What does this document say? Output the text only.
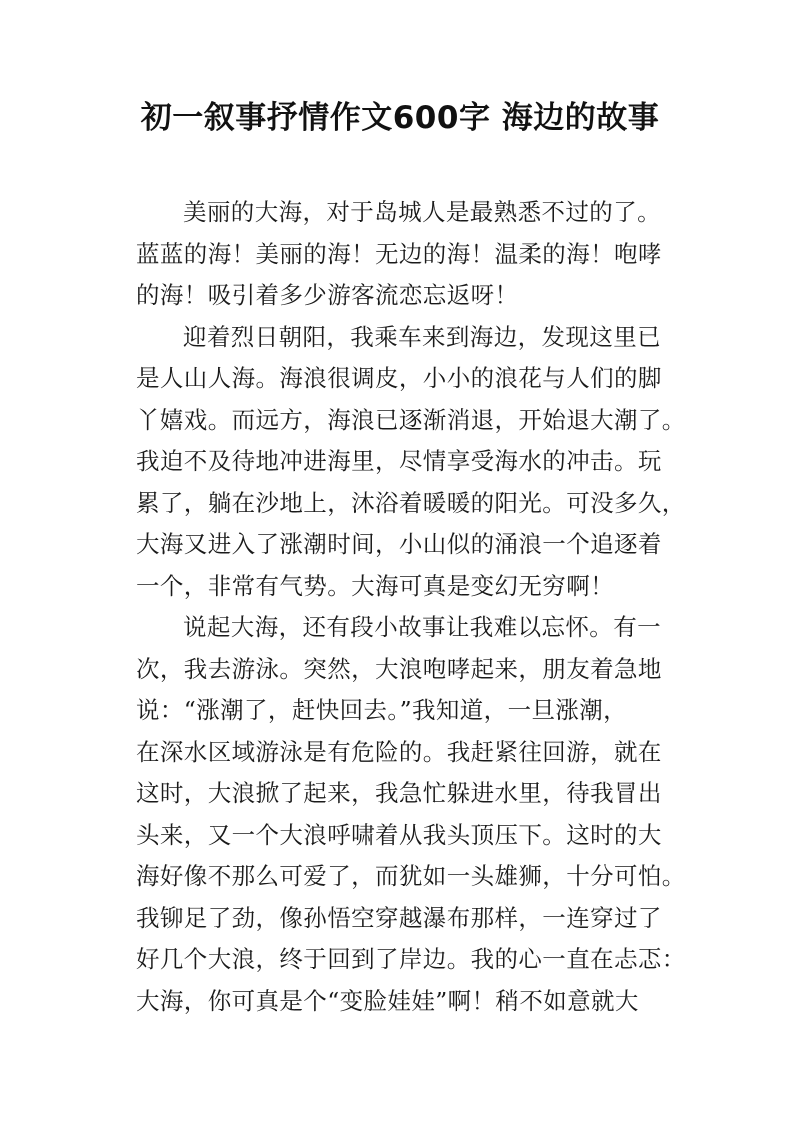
初一叙事抒情作文600字 海边的故事
美丽的大海，对于岛城人是最熟悉不过的了。
蓝蓝的海！美丽的海！无边的海！温柔的海！咆哮
的海！吸引着多少游客流恋忘返呀！
迎着烈日朝阳，我乘车来到海边，发现这里已
是人山人海。海浪很调皮，小小的浪花与人们的脚
丫嬉戏。而远方，海浪已逐渐消退，开始退大潮了。
我迫不及待地冲进海里，尽情享受海水的冲击。玩
累了，躺在沙地上，沐浴着暖暖的阳光。可没多久，
大海又进入了涨潮时间，小山似的涌浪一个追逐着
一个，非常有气势。大海可真是变幻无穷啊！
说起大海，还有段小故事让我难以忘怀。有一
次，我去游泳。突然，大浪咆哮起来，朋友着急地
说：“涨潮了，赶快回去。”我知道，一旦涨潮，
在深水区域游泳是有危险的。我赶紧往回游，就在
这时，大浪掀了起来，我急忙躲进水里，待我冒出
头来，又一个大浪呼啸着从我头顶压下。这时的大
海好像不那么可爱了，而犹如一头雄狮，十分可怕。
我铆足了劲，像孙悟空穿越瀑布那样，一连穿过了
好几个大浪，终于回到了岸边。我的心一直在忐忑：
大海，你可真是个“变脸娃娃”啊！稍不如意就大
